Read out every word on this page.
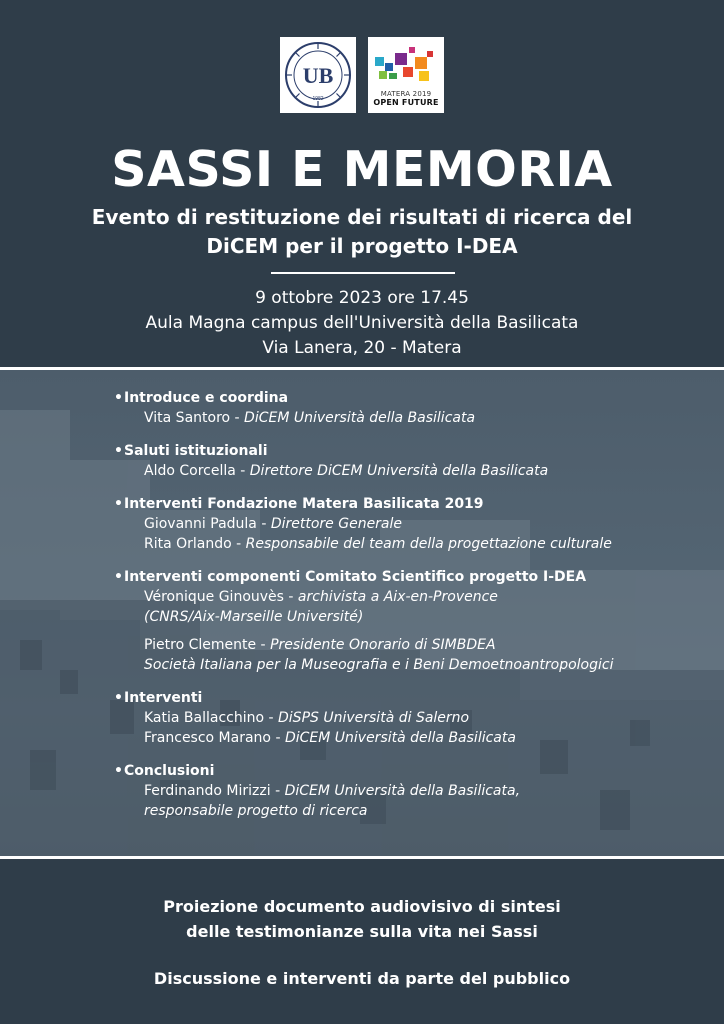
UB
1982
MATERA 2019
OPEN FUTURE
SASSI E MEMORIA
Evento di restituzione dei risultati di ricerca del
DiCEM per il progetto I-DEA
9 ottobre 2023 ore 17.45
Aula Magna campus dell'Università della Basilicata
Via Lanera, 20 - Matera
•Introduce e coordina
Vita Santoro - DiCEM Università della Basilicata
•Saluti istituzionali
Aldo Corcella - Direttore DiCEM Università della Basilicata
•Interventi Fondazione Matera Basilicata 2019
Giovanni Padula - Direttore Generale
Rita Orlando - Responsabile del team della progettazione culturale
•Interventi componenti Comitato Scientifico progetto I-DEA
Véronique Ginouvès - archivista a Aix-en-Provence
(CNRS/Aix-Marseille Université)
Pietro Clemente - Presidente Onorario di SIMBDEA
Società Italiana per la Museografia e i Beni Demoetnoantropologici
•Interventi
Katia Ballacchino - DiSPS Università di Salerno
Francesco Marano - DiCEM Università della Basilicata
•Conclusioni
Ferdinando Mirizzi - DiCEM Università della Basilicata,
responsabile progetto di ricerca
Proiezione documento audiovisivo di sintesi
delle testimonianze sulla vita nei Sassi
Discussione e interventi da parte del pubblico
